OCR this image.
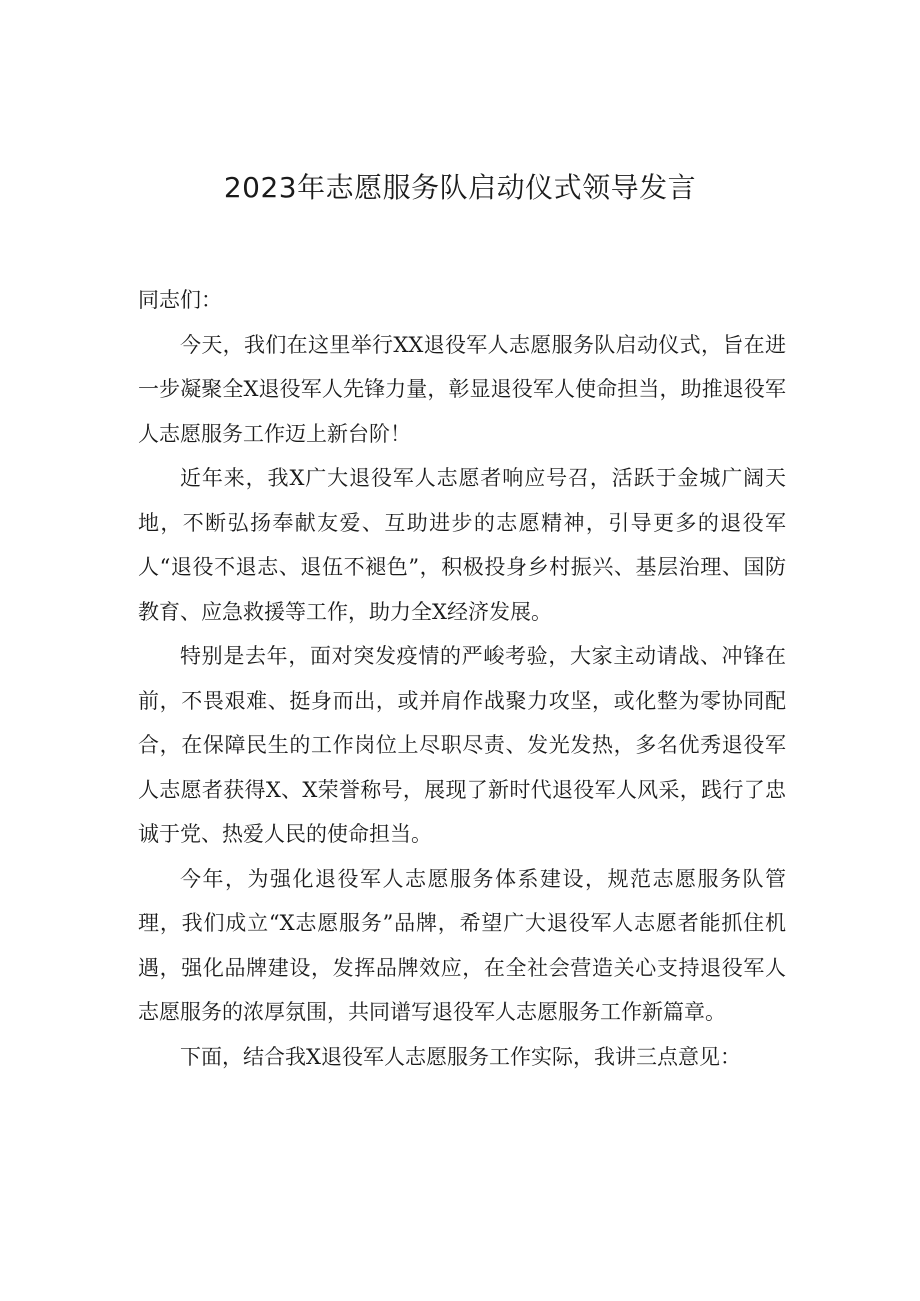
2023年志愿服务队启动仪式领导发言

同志们：

今天，我们在这里举行XX退役军人志愿服务队启动仪式，旨在进一步凝聚全X退役军人先锋力量，彰显退役军人使命担当，助推退役军人志愿服务工作迈上新台阶！

近年来，我X广大退役军人志愿者响应号召，活跃于金城广阔天地，不断弘扬奉献友爱、互助进步的志愿精神，引导更多的退役军人“退役不退志、退伍不褪色”，积极投身乡村振兴、基层治理、国防教育、应急救援等工作，助力全X经济发展。

特别是去年，面对突发疫情的严峻考验，大家主动请战、冲锋在前，不畏艰难、挺身而出，或并肩作战聚力攻坚，或化整为零协同配合，在保障民生的工作岗位上尽职尽责、发光发热，多名优秀退役军人志愿者获得X、X荣誉称号，展现了新时代退役军人风采，践行了忠诚于党、热爱人民的使命担当。

今年，为强化退役军人志愿服务体系建设，规范志愿服务队管理，我们成立“X志愿服务”品牌，希望广大退役军人志愿者能抓住机遇，强化品牌建设，发挥品牌效应，在全社会营造关心支持退役军人志愿服务的浓厚氛围，共同谱写退役军人志愿服务工作新篇章。

下面，结合我X退役军人志愿服务工作实际，我讲三点意见：
